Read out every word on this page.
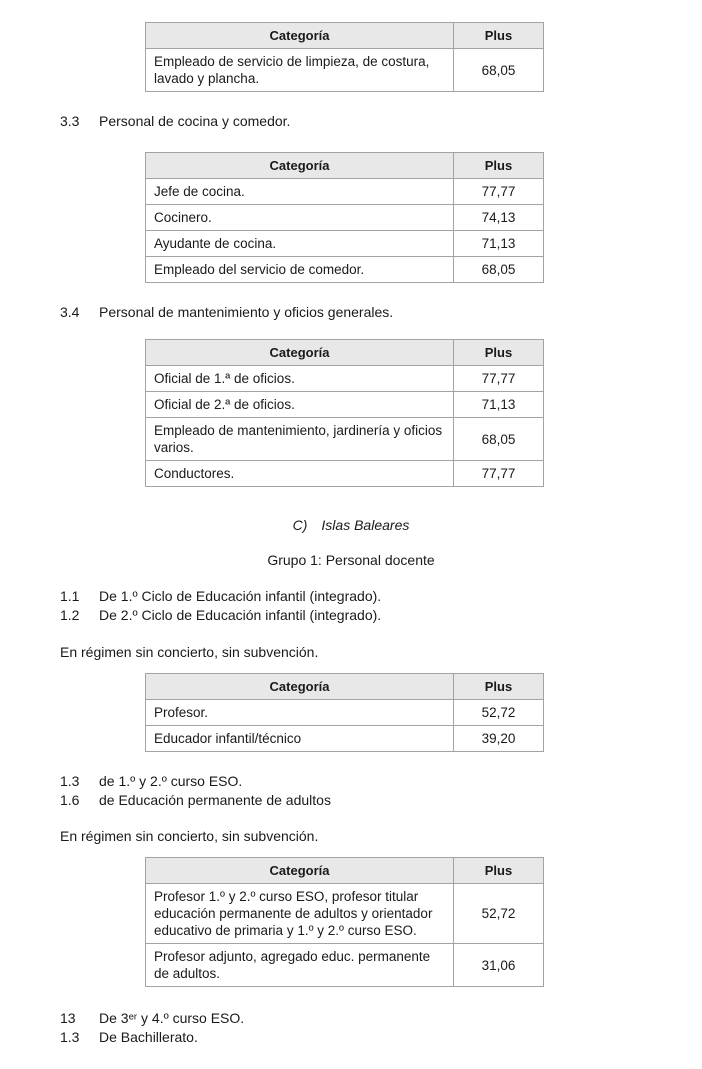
Categoría	Plus
Empleado de servicio de limpieza, de costura, lavado y plancha.	68,05
3.3	Personal de cocina y comedor.
Categoría	Plus
Jefe de cocina.	77,77
Cocinero.	74,13
Ayudante de cocina.	71,13
Empleado del servicio de comedor.	68,05
3.4	Personal de mantenimiento y oficios generales.
Categoría	Plus
Oficial de 1.ª de oficios.	77,77
Oficial de 2.ª de oficios.	71,13
Empleado de mantenimiento, jardinería y oficios varios.	68,05
Conductores.	77,77
C) Islas Baleares
Grupo 1: Personal docente
1.1	De 1.º Ciclo de Educación infantil (integrado).
1.2	De 2.º Ciclo de Educación infantil (integrado).
En régimen sin concierto, sin subvención.
Categoría	Plus
Profesor.	52,72
Educador infantil/técnico	39,20
1.3	de 1.º y 2.º curso ESO.
1.6	de Educación permanente de adultos
En régimen sin concierto, sin subvención.
Categoría	Plus
Profesor 1.º y 2.º curso ESO, profesor titular educación permanente de adultos y orientador educativo de primaria y 1.º y 2.º curso ESO.	52,72
Profesor adjunto, agregado educ. permanente de adultos.	31,06
13	De 3ᵉʳ y 4.º curso ESO.
1.3	De Bachillerato.
